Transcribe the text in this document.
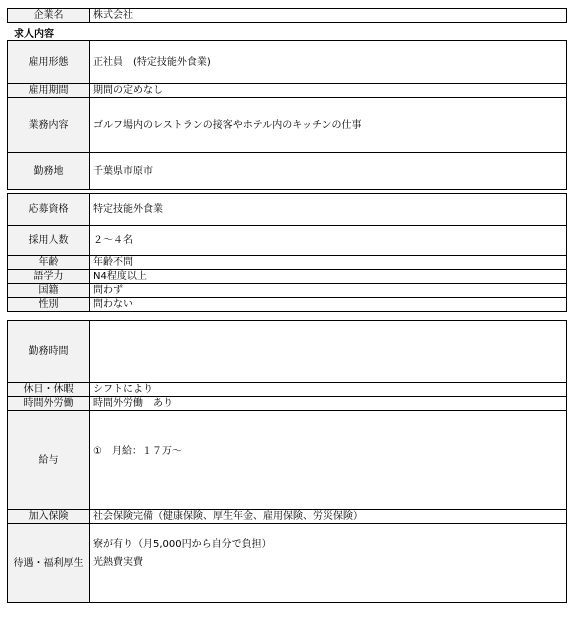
企業名	株式会社
求人内容
雇用形態	正社員　(特定技能外食業)
雇用期間	期間の定めなし
業務内容	ゴルフ場内のレストランの接客やホテル内のキッチンの仕事
勤務地	千葉県市原市
応募資格	特定技能外食業
採用人数	２～４名
年齢	年齢不問
語学力	N4程度以上
国籍	問わず
性別	問わない
勤務時間	
休日・休暇	シフトにより
時間外労働	時間外労働　あり
給与	①　月給：１７万～
加入保険	社会保険完備（健康保険、厚生年金、雇用保険、労災保険）
待遇・福利厚生	寮が有り（月5,000円から自分で負担）
光熱費実費
